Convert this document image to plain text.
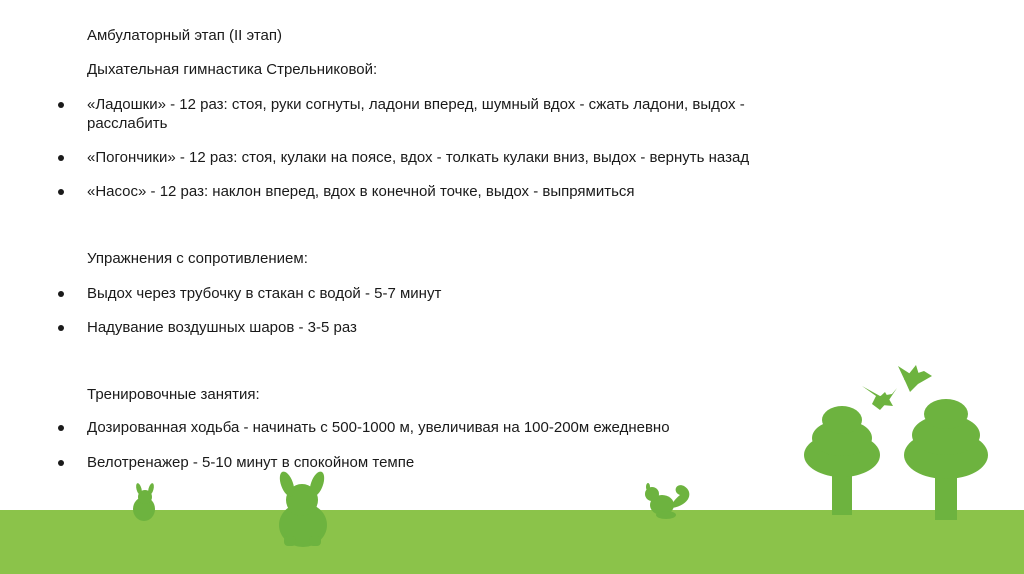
Амбулаторный этап (II этап)
Дыхательная гимнастика Стрельниковой:
«Ладошки» - 12 раз: стоя, руки согнуты, ладони вперед, шумный вдох - сжать ладони, выдох -
расслабить
«Погончики» - 12 раз: стоя, кулаки на поясе, вдох - толкать кулаки вниз, выдох - вернуть назад
«Насос» - 12 раз: наклон вперед, вдох в конечной точке, выдох - выпрямиться
Упражнения с сопротивлением:
Выдох через трубочку в стакан с водой - 5-7 минут
Надувание воздушных шаров - 3-5 раз
Тренировочные занятия:
Дозированная ходьба - начинать с 500-1000 м, увеличивая на 100-200м ежедневно
Велотренажер - 5-10 минут в спокойном темпе
